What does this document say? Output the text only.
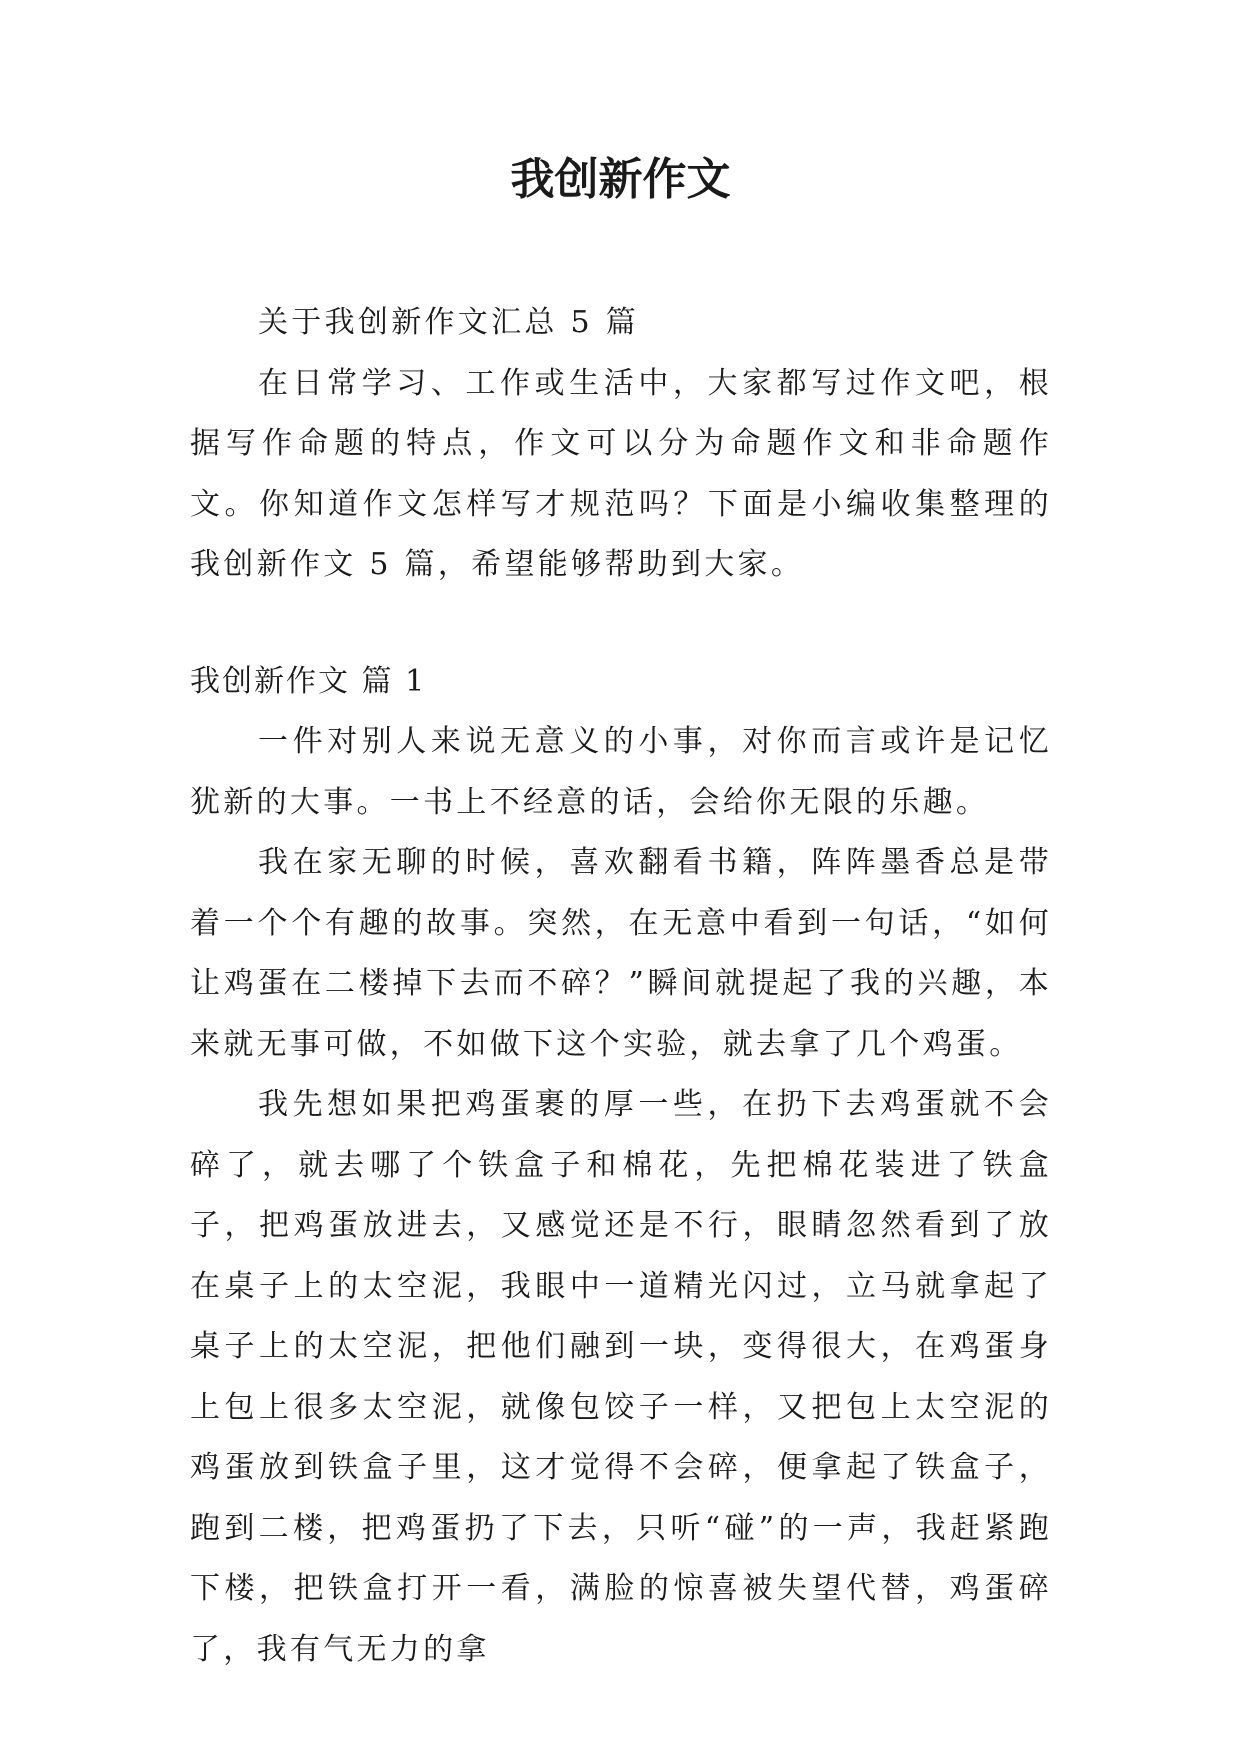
我创新作文

关于我创新作文汇总 5 篇

在日常学习、工作或生活中，大家都写过作文吧，根据写作命题的特点，作文可以分为命题作文和非命题作文。你知道作文怎样写才规范吗？下面是小编收集整理的我创新作文 5 篇，希望能够帮助到大家。

我创新作文 篇 1

一件对别人来说无意义的小事，对你而言或许是记忆犹新的大事。一书上不经意的话，会给你无限的乐趣。

我在家无聊的时候，喜欢翻看书籍，阵阵墨香总是带着一个个有趣的故事。突然，在无意中看到一句话，“如何让鸡蛋在二楼掉下去而不碎？”瞬间就提起了我的兴趣，本来就无事可做，不如做下这个实验，就去拿了几个鸡蛋。

我先想如果把鸡蛋裹的厚一些，在扔下去鸡蛋就不会碎了，就去哪了个铁盒子和棉花，先把棉花装进了铁盒子，把鸡蛋放进去，又感觉还是不行，眼睛忽然看到了放在桌子上的太空泥，我眼中一道精光闪过，立马就拿起了桌子上的太空泥，把他们融到一块，变得很大，在鸡蛋身上包上很多太空泥，就像包饺子一样，又把包上太空泥的鸡蛋放到铁盒子里，这才觉得不会碎，便拿起了铁盒子，跑到二楼，把鸡蛋扔了下去，只听“碰”的一声，我赶紧跑下楼，把铁盒打开一看，满脸的惊喜被失望代替，鸡蛋碎了，我有气无力的拿
